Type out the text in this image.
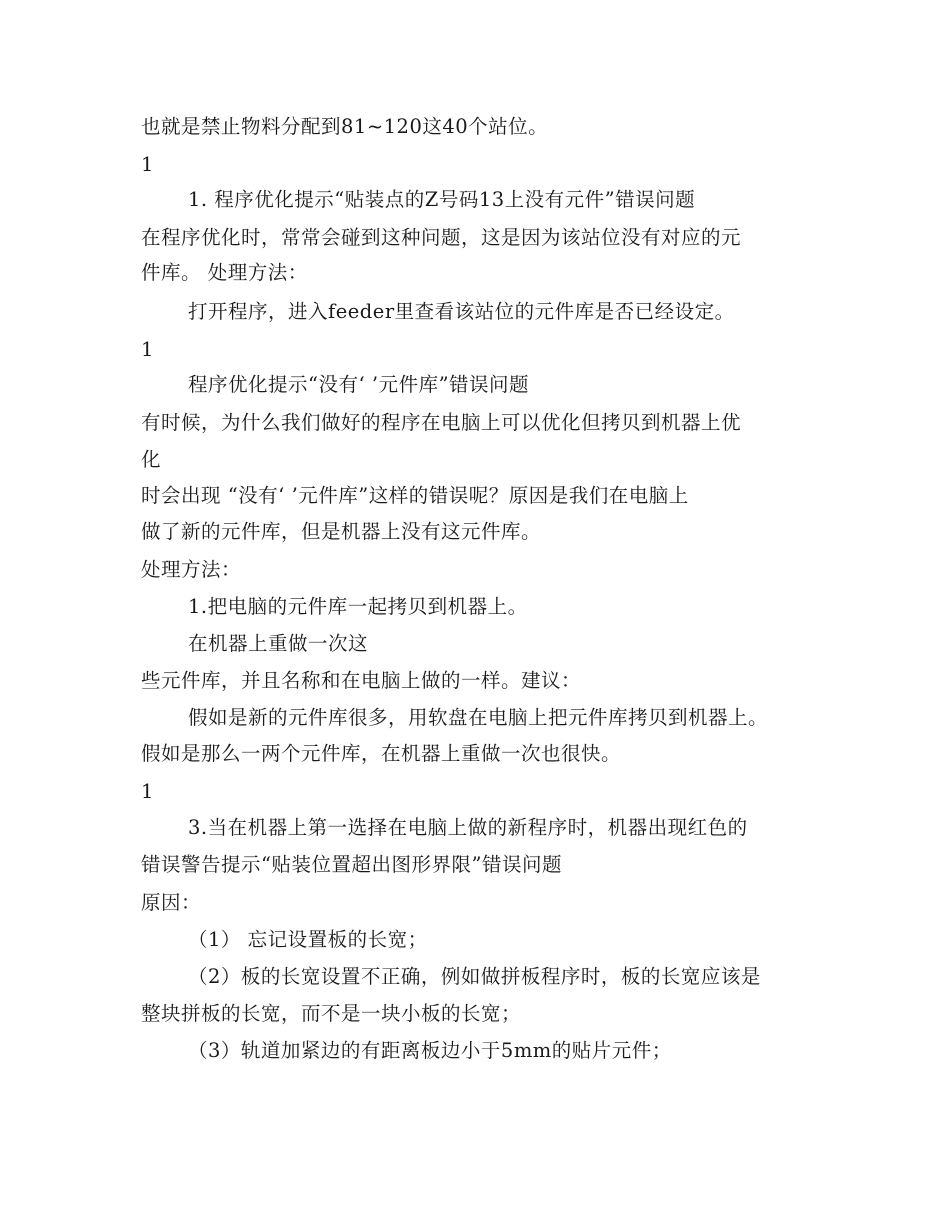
也就是禁止物料分配到81~120这40个站位。
1
1. 程序优化提示“贴装点的Z号码13上没有元件”错误问题
在程序优化时，常常会碰到这种问题，这是因为该站位没有对应的元
件库。 处理方法：
打开程序，进入feeder里查看该站位的元件库是否已经设定。
1
程序优化提示“没有‘ ’元件库”错误问题
有时候，为什么我们做好的程序在电脑上可以优化但拷贝到机器上优
化
时会出现 “没有‘ ’元件库”这样的错误呢？原因是我们在电脑上
做了新的元件库，但是机器上没有这元件库。
处理方法：
1.把电脑的元件库一起拷贝到机器上。
在机器上重做一次这
些元件库，并且名称和在电脑上做的一样。建议：
假如是新的元件库很多，用软盘在电脑上把元件库拷贝到机器上。
假如是那么一两个元件库，在机器上重做一次也很快。
1
3.当在机器上第一选择在电脑上做的新程序时，机器出现红色的
错误警告提示“贴装位置超出图形界限”错误问题
原因：
（1） 忘记设置板的长宽；
（2）板的长宽设置不正确，例如做拼板程序时，板的长宽应该是
整块拼板的长宽，而不是一块小板的长宽；
（3）轨道加紧边的有距离板边小于5mm的贴片元件；
